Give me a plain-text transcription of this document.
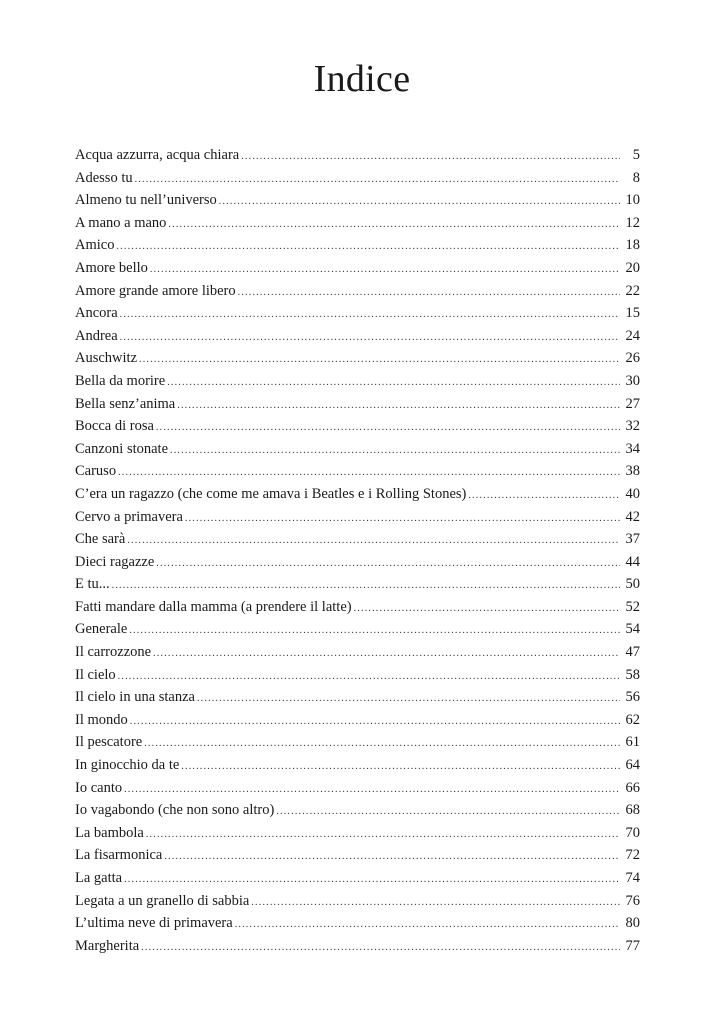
Indice
Acqua azzurra, acqua chiara .....	5
Adesso tu .....	8
Almeno tu nell’universo .....	10
A mano a mano .....	12
Amico .....	18
Amore bello .....	20
Amore grande amore libero .....	22
Ancora .....	15
Andrea .....	24
Auschwitz .....	26
Bella da morire .....	30
Bella senz’anima .....	27
Bocca di rosa .....	32
Canzoni stonate .....	34
Caruso .....	38
C’era un ragazzo (che come me amava i Beatles e i Rolling Stones) .....	40
Cervo a primavera .....	42
Che sarà .....	37
Dieci ragazze .....	44
E tu... .....	50
Fatti mandare dalla mamma (a prendere il latte) .....	52
Generale .....	54
Il carrozzone .....	47
Il cielo .....	58
Il cielo in una stanza .....	56
Il mondo .....	62
Il pescatore .....	61
In ginocchio da te .....	64
Io canto .....	66
Io vagabondo (che non sono altro) .....	68
La bambola .....	70
La fisarmonica .....	72
La gatta .....	74
Legata a un granello di sabbia .....	76
L’ultima neve di primavera .....	80
Margherita .....	77
